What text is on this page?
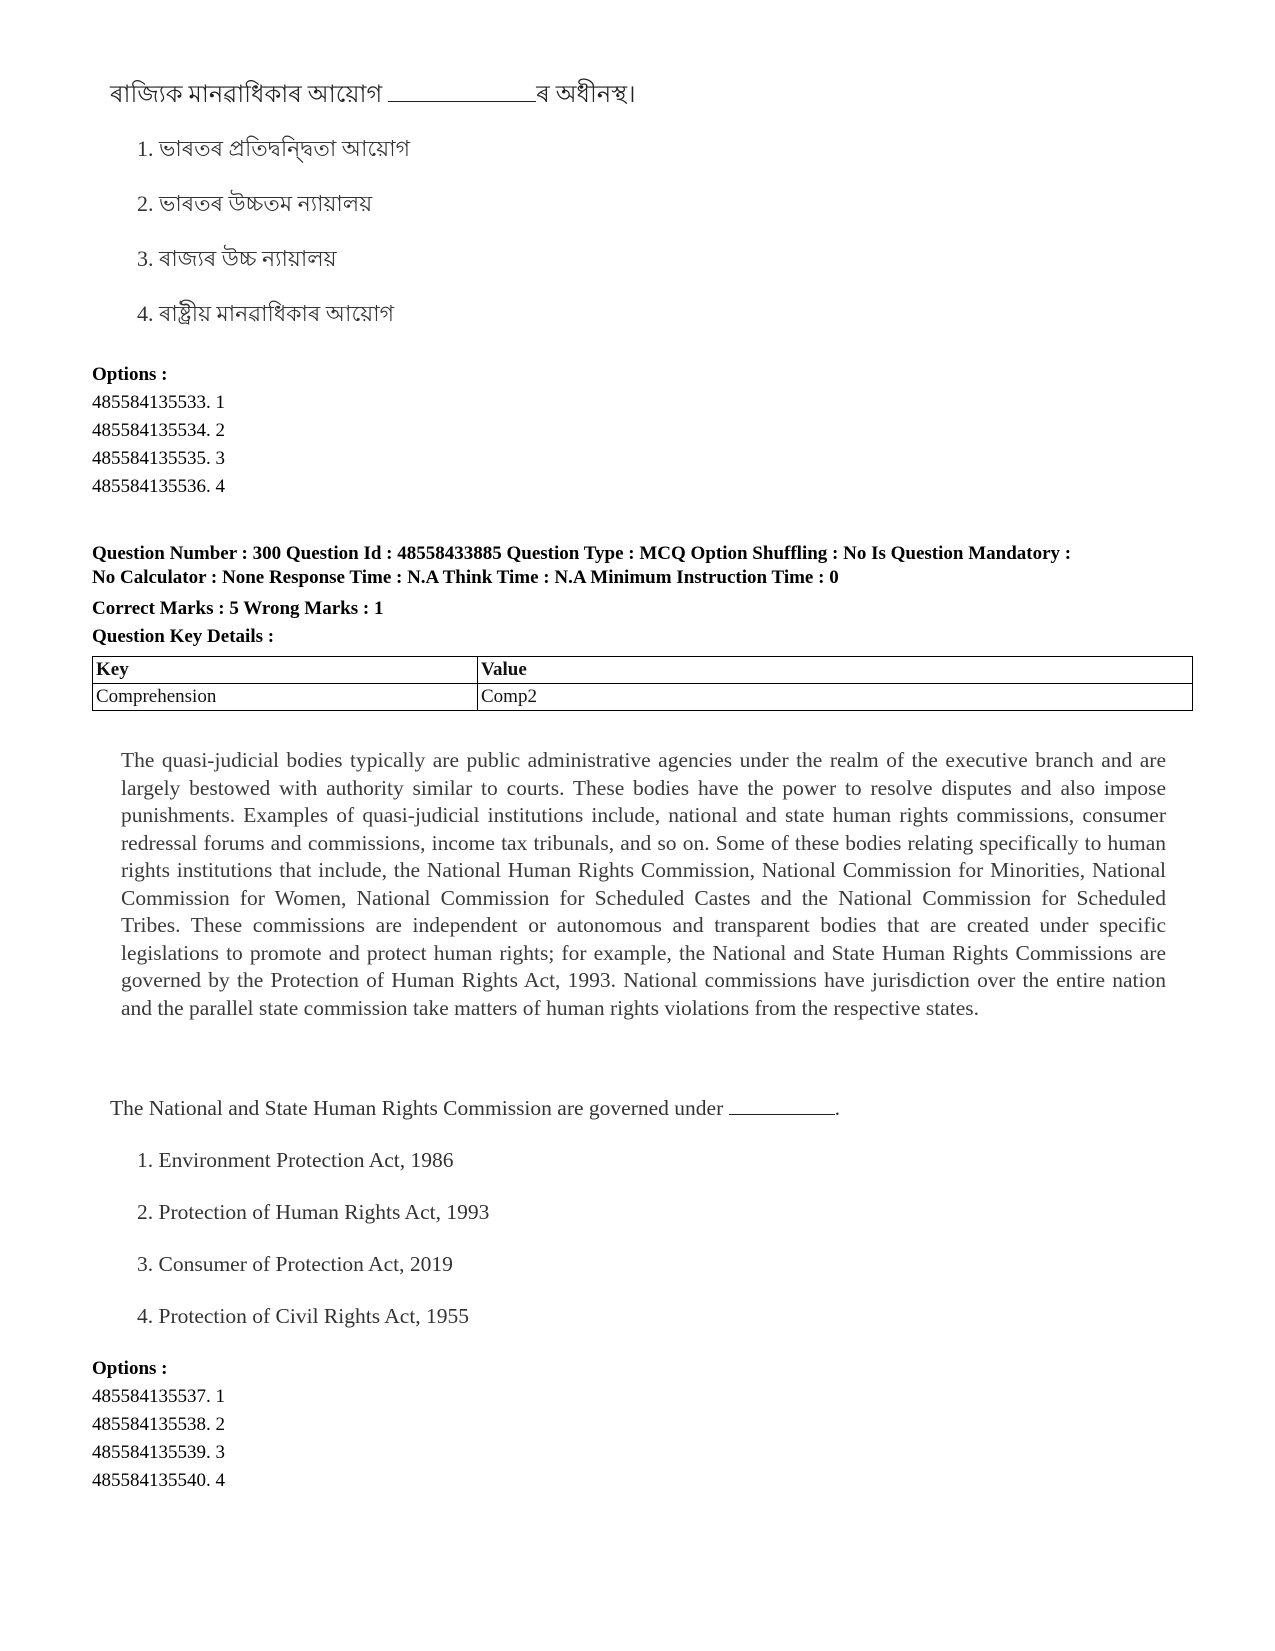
ৰাজ্যিক মানৱাধিকাৰ আয়োগ	ৰ অধীনস্থ।
1. ভাৰতৰ প্ৰতিদ্বন্দ্বিতা আয়োগ
2. ভাৰতৰ উচ্চতম ন্যায়ালয়
3. ৰাজ্যৰ উচ্চ ন্যায়ালয়
4. ৰাষ্ট্ৰীয় মানৱাধিকাৰ আয়োগ
Options :
485584135533. 1
485584135534. 2
485584135535. 3
485584135536. 4
Question Number : 300 Question Id : 48558433885 Question Type : MCQ Option Shuffling : No Is Question Mandatory :
No Calculator : None Response Time : N.A Think Time : N.A Minimum Instruction Time : 0
Correct Marks : 5 Wrong Marks : 1
Question Key Details :
Key	Value
Comprehension	Comp2
The quasi-judicial bodies typically are public administrative agencies under the realm of the executive branch and are largely bestowed with authority similar to courts. These bodies have the power to resolve disputes and also impose punishments. Examples of quasi-judicial institutions include, national and state human rights commissions, consumer redressal forums and commissions, income tax tribunals, and so on. Some of these bodies relating specifically to human rights institutions that include, the National Human Rights Commission, National Commission for Minorities, National Commission for Women, National Commission for Scheduled Castes and the National Commission for Scheduled Tribes. These commissions are independent or autonomous and transparent bodies that are created under specific legislations to promote and protect human rights; for example, the National and State Human Rights Commissions are governed by the Protection of Human Rights Act, 1993. National commissions have jurisdiction over the entire nation and the parallel state commission take matters of human rights violations from the respective states.
The National and State Human Rights Commission are governed under	.
1. Environment Protection Act, 1986
2. Protection of Human Rights Act, 1993
3. Consumer of Protection Act, 2019
4. Protection of Civil Rights Act, 1955
Options :
485584135537. 1
485584135538. 2
485584135539. 3
485584135540. 4
